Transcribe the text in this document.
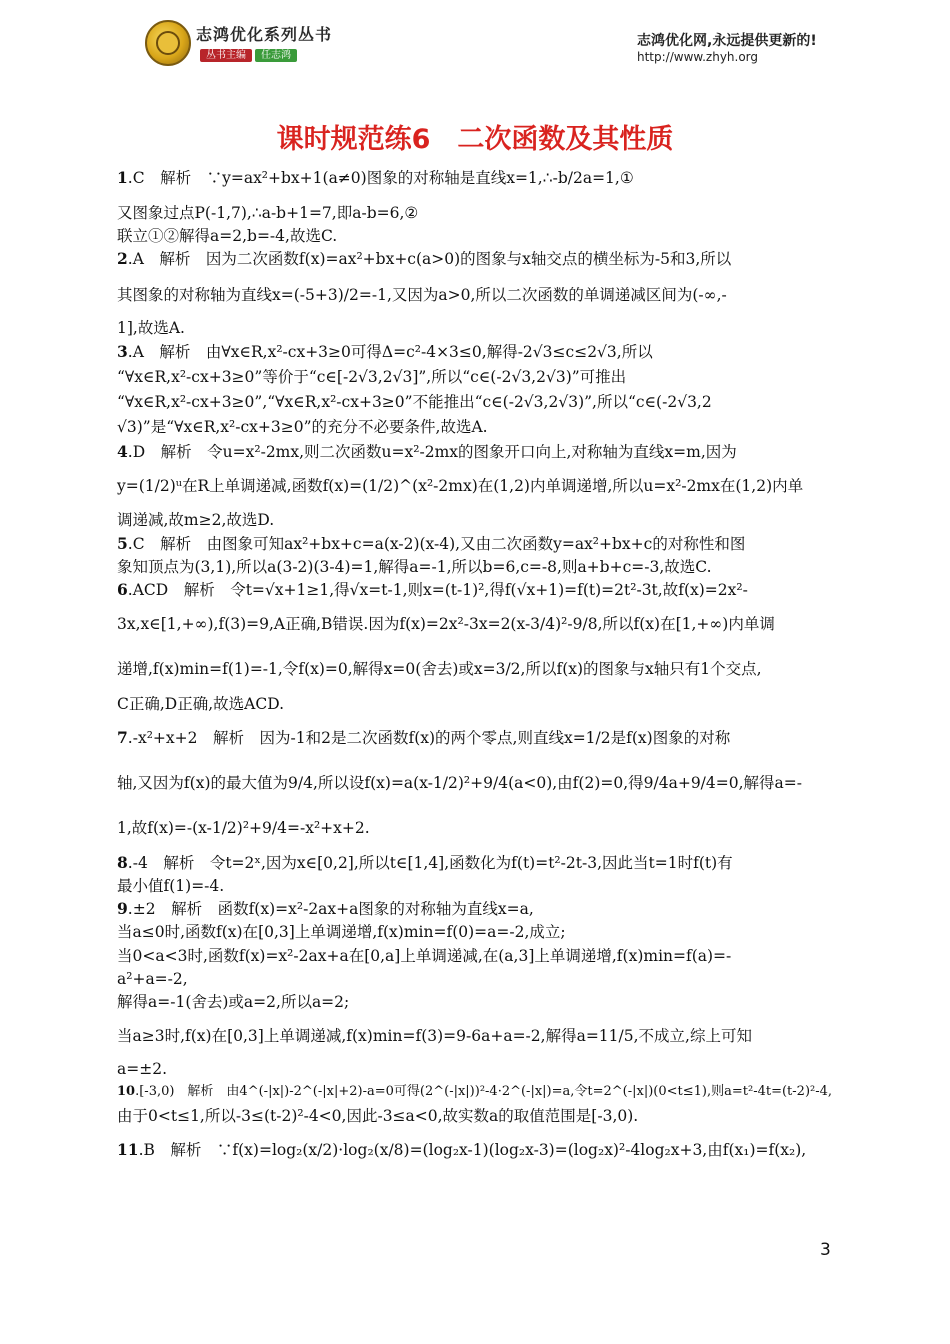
志鸿优化系列丛书
丛书主编 任志鸿
志鸿优化网,永远提供更新的!
http://www.zhyh.org
课时规范练6　二次函数及其性质
1.C　解析　∵y=ax²+bx+1(a≠0)图象的对称轴是直线x=1,∴-b/2a=1,①
又图象过点P(-1,7),∴a-b+1=7,即a-b=6,②
联立①②解得a=2,b=-4,故选C.
2.A　解析　因为二次函数f(x)=ax²+bx+c(a>0)的图象与x轴交点的横坐标为-5和3,所以
其图象的对称轴为直线x=(-5+3)/2=-1,又因为a>0,所以二次函数的单调递减区间为(-∞,-
1],故选A.
3.A　解析　由∀x∈R,x²-cx+3≥0可得Δ=c²-4×3≤0,解得-2√3≤c≤2√3,所以
“∀x∈R,x²-cx+3≥0”等价于“c∈[-2√3,2√3]”,所以“c∈(-2√3,2√3)”可推出
“∀x∈R,x²-cx+3≥0”,“∀x∈R,x²-cx+3≥0”不能推出“c∈(-2√3,2√3)”,所以“c∈(-2√3,2
√3)”是“∀x∈R,x²-cx+3≥0”的充分不必要条件,故选A.
4.D　解析　令u=x²-2mx,则二次函数u=x²-2mx的图象开口向上,对称轴为直线x=m,因为
y=(1/2)ᵘ在R上单调递减,函数f(x)=(1/2)^(x²-2mx)在(1,2)内单调递增,所以u=x²-2mx在(1,2)内单
调递减,故m≥2,故选D.
5.C　解析　由图象可知ax²+bx+c=a(x-2)(x-4),又由二次函数y=ax²+bx+c的对称性和图
象知顶点为(3,1),所以a(3-2)(3-4)=1,解得a=-1,所以b=6,c=-8,则a+b+c=-3,故选C.
6.ACD　解析　令t=√x+1≥1,得√x=t-1,则x=(t-1)²,得f(√x+1)=f(t)=2t²-3t,故f(x)=2x²-
3x,x∈[1,+∞),f(3)=9,A正确,B错误.因为f(x)=2x²-3x=2(x-3/4)²-9/8,所以f(x)在[1,+∞)内单调
递增,f(x)min=f(1)=-1,令f(x)=0,解得x=0(舍去)或x=3/2,所以f(x)的图象与x轴只有1个交点,
C正确,D正确,故选ACD.
7.-x²+x+2　解析　因为-1和2是二次函数f(x)的两个零点,则直线x=1/2是f(x)图象的对称
轴,又因为f(x)的最大值为9/4,所以设f(x)=a(x-1/2)²+9/4(a<0),由f(2)=0,得9/4a+9/4=0,解得a=-
1,故f(x)=-(x-1/2)²+9/4=-x²+x+2.
8.-4　解析　令t=2ˣ,因为x∈[0,2],所以t∈[1,4],函数化为f(t)=t²-2t-3,因此当t=1时f(t)有
最小值f(1)=-4.
9.±2　解析　函数f(x)=x²-2ax+a图象的对称轴为直线x=a,
当a≤0时,函数f(x)在[0,3]上单调递增,f(x)min=f(0)=a=-2,成立;
当0<a<3时,函数f(x)=x²-2ax+a在[0,a]上单调递减,在(a,3]上单调递增,f(x)min=f(a)=-
a²+a=-2,
解得a=-1(舍去)或a=2,所以a=2;
当a≥3时,f(x)在[0,3]上单调递减,f(x)min=f(3)=9-6a+a=-2,解得a=11/5,不成立,综上可知
a=±2.
10.[-3,0)　解析　由4^(-|x|)-2^(-|x|+2)-a=0可得(2^(-|x|))²-4·2^(-|x|)=a,令t=2^(-|x|)(0<t≤1),则a=t²-4t=(t-2)²-4,
由于0<t≤1,所以-3≤(t-2)²-4<0,因此-3≤a<0,故实数a的取值范围是[-3,0).
11.B　解析　∵f(x)=log₂(x/2)·log₂(x/8)=(log₂x-1)(log₂x-3)=(log₂x)²-4log₂x+3,由f(x₁)=f(x₂),
3
